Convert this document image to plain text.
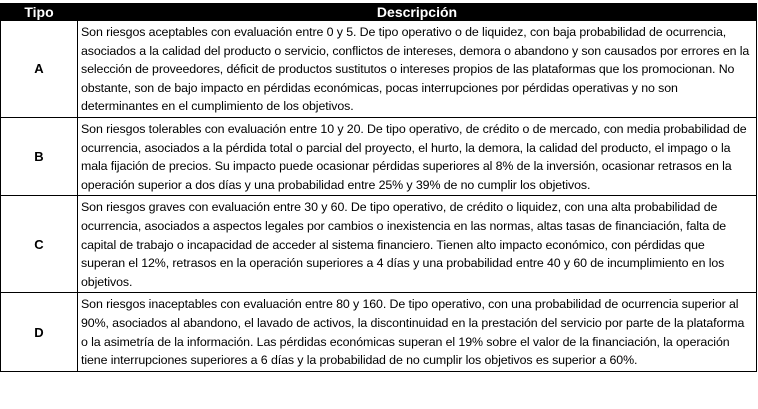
Tipo	Descripción
A	Son riesgos aceptables con evaluación entre 0 y 5. De tipo operativo o de liquidez, con baja probabilidad de ocurrencia, asociados a la calidad del producto o servicio, conflictos de intereses, demora o abandono y son causados por errores en la selección de proveedores, déficit de productos sustitutos o intereses propios de las plataformas que los promocionan. No obstante, son de bajo impacto en pérdidas económicas, pocas interrupciones por pérdidas operativas y no son determinantes en el cumplimiento de los objetivos.
B	Son riesgos tolerables con evaluación entre 10 y 20. De tipo operativo, de crédito o de mercado, con media probabilidad de ocurrencia, asociados a la pérdida total o parcial del proyecto, el hurto, la demora, la calidad del producto, el impago o la mala fijación de precios. Su impacto puede ocasionar pérdidas superiores al 8% de la inversión, ocasionar retrasos en la operación superior a dos días y una probabilidad entre 25% y 39% de no cumplir los objetivos.
C	Son riesgos graves con evaluación entre 30 y 60. De tipo operativo, de crédito o liquidez, con una alta probabilidad de ocurrencia, asociados a aspectos legales por cambios o inexistencia en las normas, altas tasas de financiación, falta de capital de trabajo o incapacidad de acceder al sistema financiero. Tienen alto impacto económico, con pérdidas que superan el 12%, retrasos en la operación superiores a 4 días y una probabilidad entre 40 y 60 de incumplimiento en los objetivos.
D	Son riesgos inaceptables con evaluación entre 80 y 160. De tipo operativo, con una probabilidad de ocurrencia superior al 90%, asociados al abandono, el lavado de activos, la discontinuidad en la prestación del servicio por parte de la plataforma o la asimetría de la información. Las pérdidas económicas superan el 19% sobre el valor de la financiación, la operación tiene interrupciones superiores a 6 días y la probabilidad de no cumplir los objetivos es superior a 60%.
